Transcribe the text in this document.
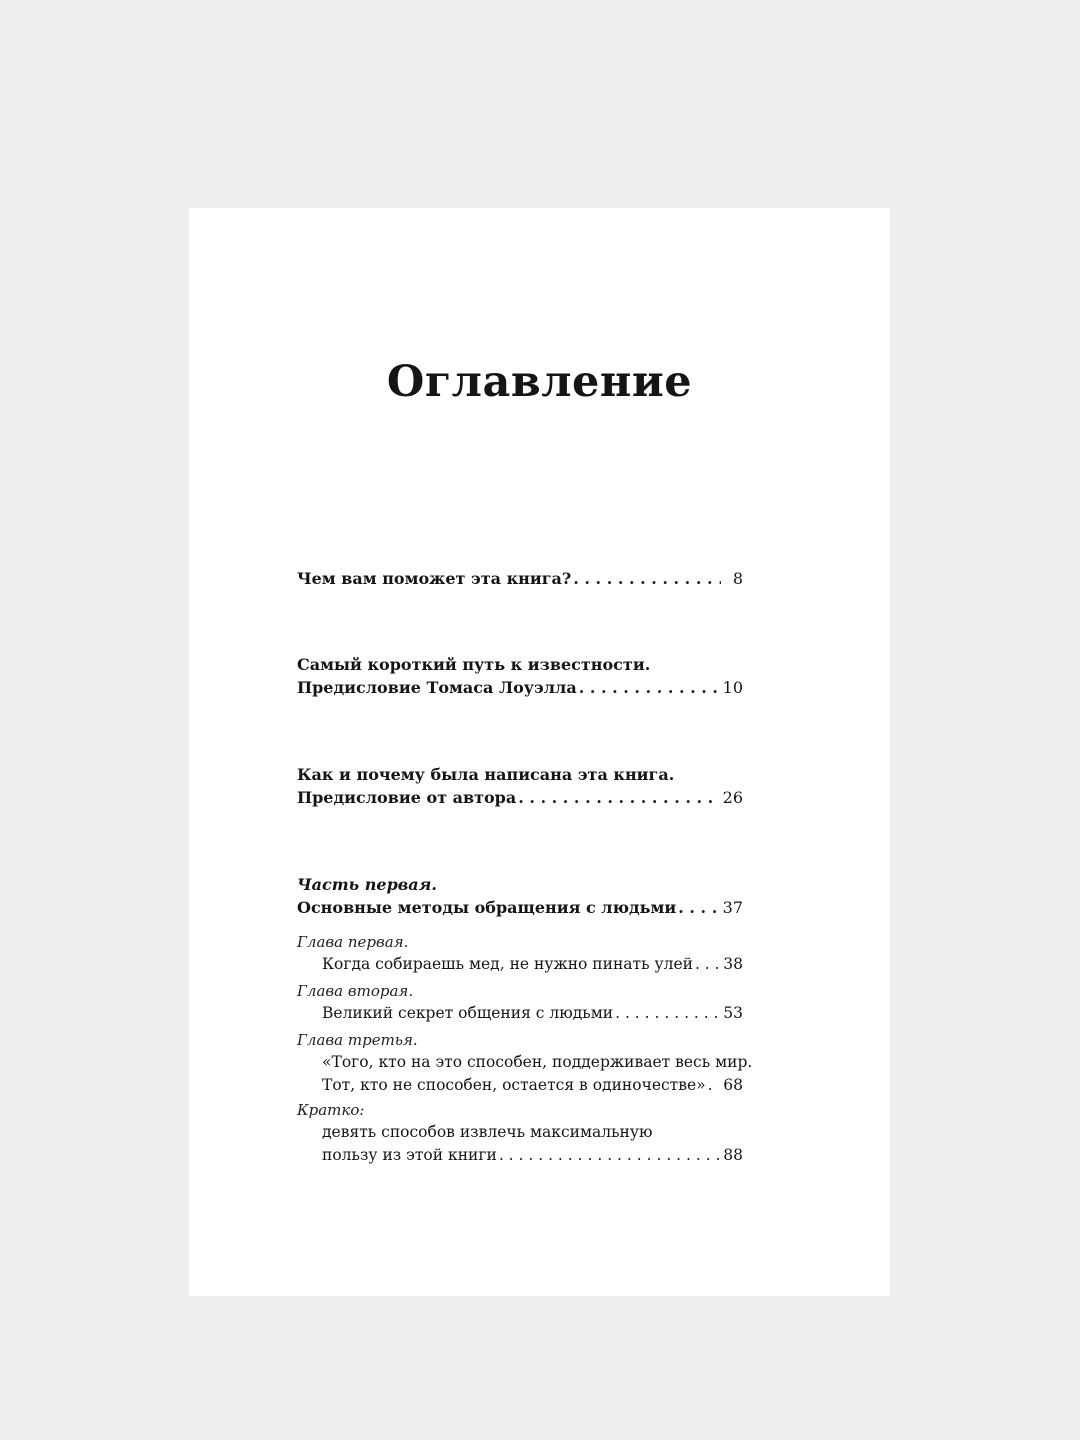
Оглавление
Чем вам поможет эта книга? . . .	8
Самый короткий путь к известности.
Предисловие Томаса Лоуэлла . . .	10
Как и почему была написана эта книга.
Предисловие от автора . . .	26
Часть первая.
Основные методы обращения с людьми . . .	37
Глава первая.
Когда собираешь мед, не нужно пинать улей . . . 38
Глава вторая.
Великий секрет общения с людьми . . .	53
Глава третья.
«Того, кто на это способен, поддерживает весь мир.
Тот, кто не способен, остается в одиночестве» . . . 68
Кратко:
девять способов извлечь максимальную
пользу из этой книги . . .	88
